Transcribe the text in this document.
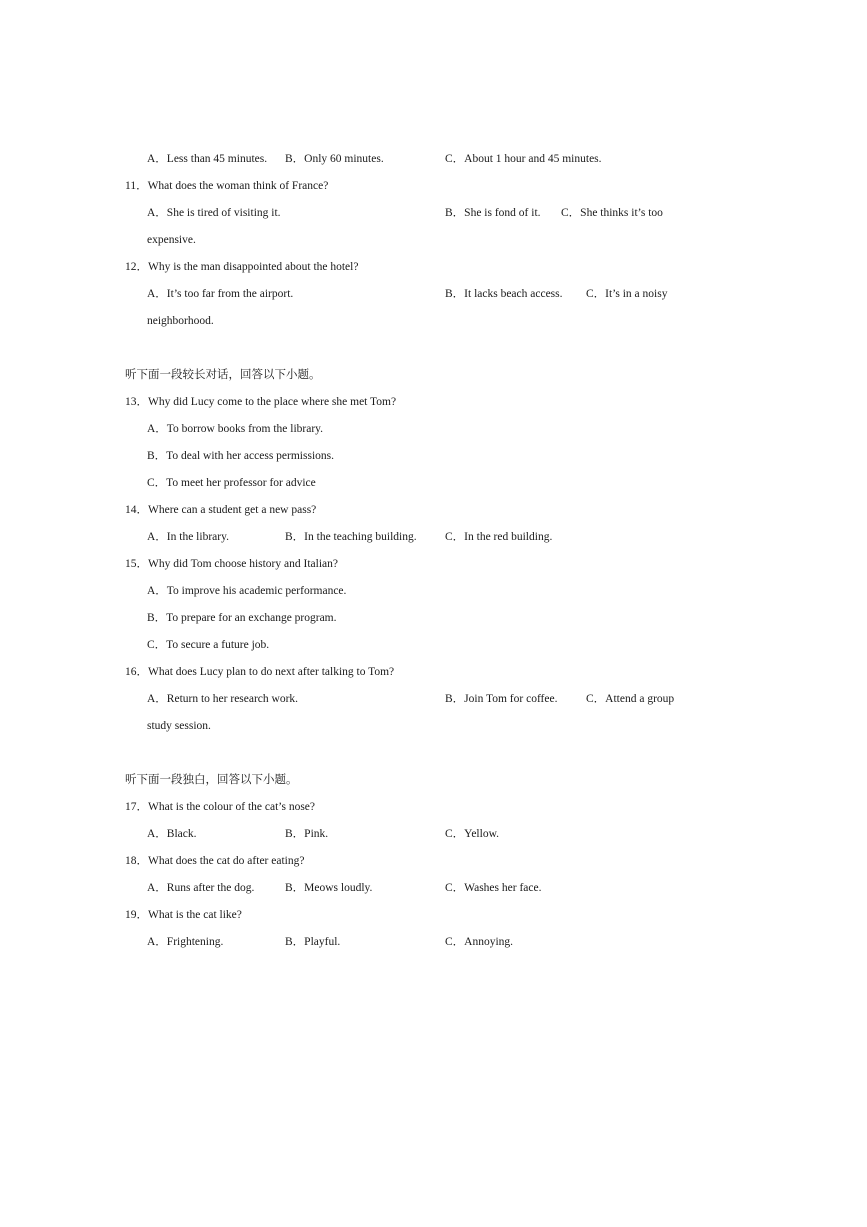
A．Less than 45 minutes. B．Only 60 minutes.	C．About 1 hour and 45 minutes.
11．What does the woman think of France?
A．She is tired of visiting it.	B．She is fond of it. C．She thinks it’s too
expensive.
12．Why is the man disappointed about the hotel?
A．It’s too far from the airport.	B．It lacks beach access. C．It’s in a noisy
neighborhood.
听下面一段较长对话，回答以下小题。
13．Why did Lucy come to the place where she met Tom?
A．To borrow books from the library.
B．To deal with her access permissions.
C．To meet her professor for advice
14．Where can a student get a new pass?
A．In the library.	B．In the teaching building. C．In the red building.
15．Why did Tom choose history and Italian?
A．To improve his academic performance.
B．To prepare for an exchange program.
C．To secure a future job.
16．What does Lucy plan to do next after talking to Tom?
A．Return to her research work.	B．Join Tom for coffee. C．Attend a group
study session.
听下面一段独白，回答以下小题。
17．What is the colour of the cat’s nose?
A．Black.	B．Pink.	C．Yellow.
18．What does the cat do after eating?
A．Runs after the dog.	B．Meows loudly.	C．Washes her face.
19．What is the cat like?
A．Frightening.	B．Playful.	C．Annoying.
